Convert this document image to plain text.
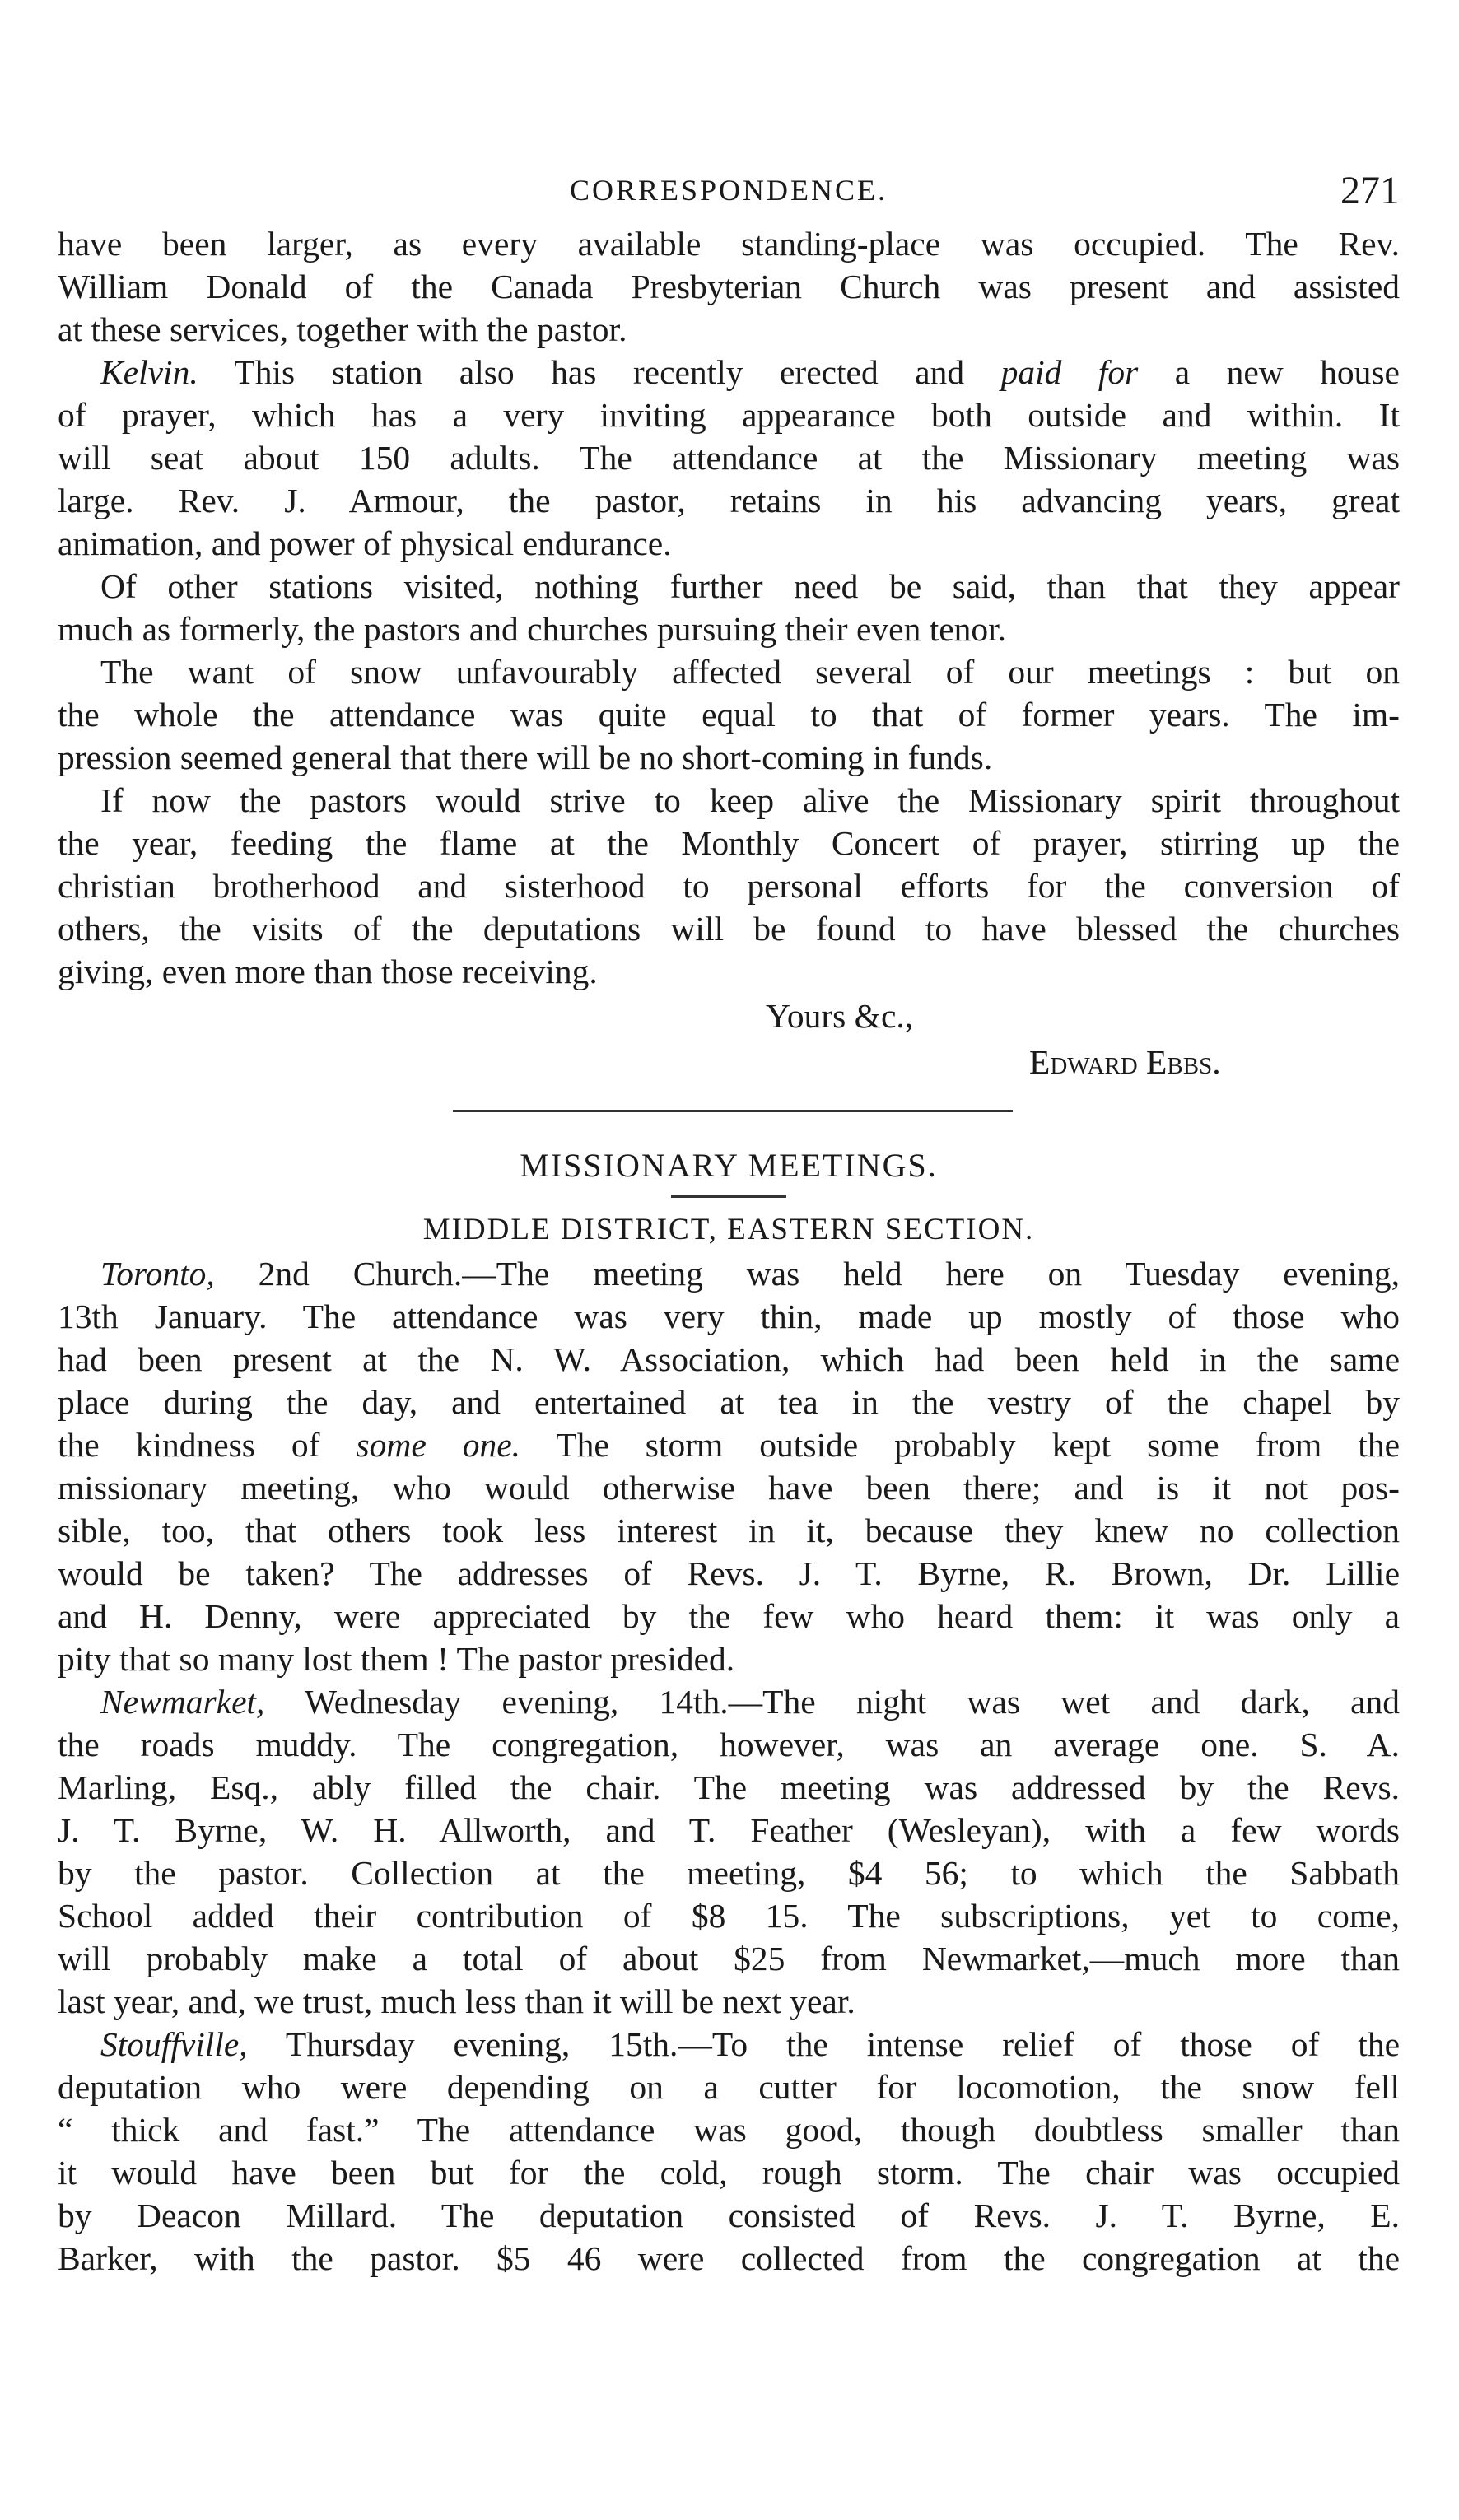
CORRESPONDENCE.	271
have been larger, as every available standing-place was occupied. The Rev.
William Donald of the Canada Presbyterian Church was present and assisted
at these services, together with the pastor.
Kelvin. This station also has recently erected and paid for a new house
of prayer, which has a very inviting appearance both outside and within. It
will seat about 150 adults. The attendance at the Missionary meeting was
large. Rev. J. Armour, the pastor, retains in his advancing years, great
animation, and power of physical endurance.
Of other stations visited, nothing further need be said, than that they appear
much as formerly, the pastors and churches pursuing their even tenor.
The want of snow unfavourably affected several of our meetings : but on
the whole the attendance was quite equal to that of former years. The im-
pression seemed general that there will be no short-coming in funds.
If now the pastors would strive to keep alive the Missionary spirit throughout
the year, feeding the flame at the Monthly Concert of prayer, stirring up the
christian brotherhood and sisterhood to personal efforts for the conversion of
others, the visits of the deputations will be found to have blessed the churches
giving, even more than those receiving.
Yours &c.,
Edward Ebbs.
MISSIONARY MEETINGS.
MIDDLE DISTRICT, EASTERN SECTION.
Toronto, 2nd Church.—The meeting was held here on Tuesday evening,
13th January. The attendance was very thin, made up mostly of those who
had been present at the N. W. Association, which had been held in the same
place during the day, and entertained at tea in the vestry of the chapel by
the kindness of some one. The storm outside probably kept some from the
missionary meeting, who would otherwise have been there; and is it not pos-
sible, too, that others took less interest in it, because they knew no collection
would be taken? The addresses of Revs. J. T. Byrne, R. Brown, Dr. Lillie
and H. Denny, were appreciated by the few who heard them: it was only a
pity that so many lost them ! The pastor presided.
Newmarket, Wednesday evening, 14th.—The night was wet and dark, and
the roads muddy. The congregation, however, was an average one. S. A.
Marling, Esq., ably filled the chair. The meeting was addressed by the Revs.
J. T. Byrne, W. H. Allworth, and T. Feather (Wesleyan), with a few words
by the pastor. Collection at the meeting, $4 56; to which the Sabbath
School added their contribution of $8 15. The subscriptions, yet to come,
will probably make a total of about $25 from Newmarket,—much more than
last year, and, we trust, much less than it will be next year.
Stouffville, Thursday evening, 15th.—To the intense relief of those of the
deputation who were depending on a cutter for locomotion, the snow fell
“ thick and fast.” The attendance was good, though doubtless smaller than
it would have been but for the cold, rough storm. The chair was occupied
by Deacon Millard. The deputation consisted of Revs. J. T. Byrne, E.
Barker, with the pastor. $5 46 were collected from the congregation at the
